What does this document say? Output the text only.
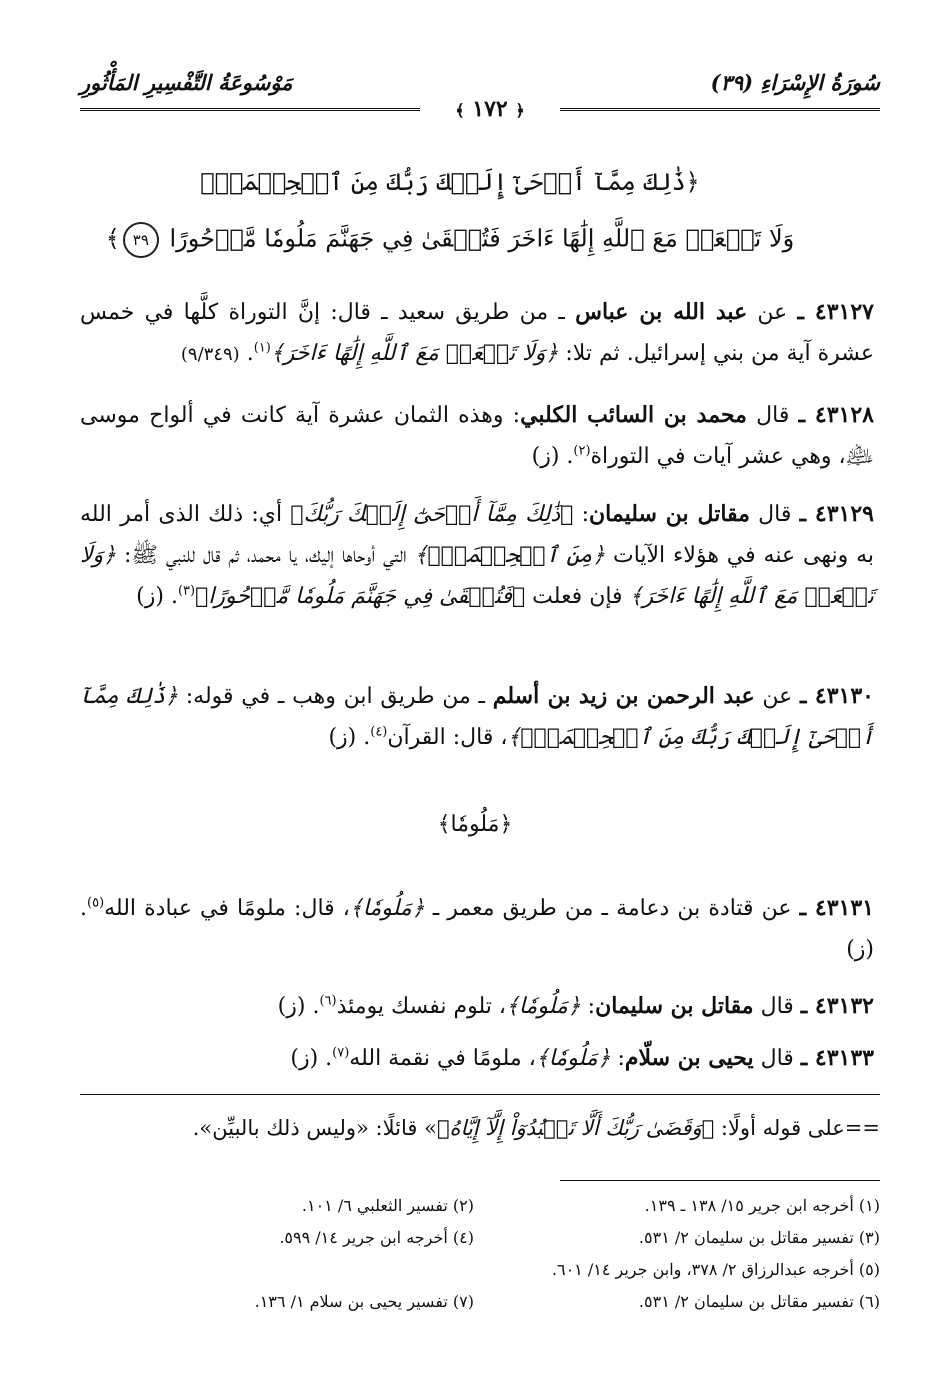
مَوْسُوعَةُ التَّفْسِيرِ المَأْثُورِ	سُورَةُ الإِسْرَاءِ (٣٩)
﴿ ١٧٢ ﴾
﴿ذَٰلِكَ مِمَّآ أَوۡحَىٰٓ إِلَيۡكَ رَبُّكَ مِنَ ٱلۡحِكۡمَةِۗ
وَلَا تَجۡعَلۡ مَعَ ٱللَّهِ إِلَٰهًا ءَاخَرَ فَتُلۡقَىٰ فِي جَهَنَّمَ مَلُومٗا مَّدۡحُورًا ٣٩﴾
٤٣١٢٧ ـ عن عبد الله بن عباس ـ من طريق سعيد ـ قال: إنَّ التوراة كلَّها في خمس عشرة آية من بني إسرائيل. ثم تلا: ﴿وَلَا تَجۡعَلۡ مَعَ ٱللَّهِ إِلَٰهًا ءَاخَرَ﴾$^{(١)}$. (٩/٣٤٩)
٤٣١٢٨ ـ قال محمد بن السائب الكلبي: وهذه الثمان عشرة آية كانت في ألواح موسى ﵇، وهي عشر آيات في التوراة$^{(٢)}$. (ز)
٤٣١٢٩ ـ قال مقاتل بن سليمان: ﴿ذَٰلِكَ مِمَّآ أَوۡحَىٰٓ إِلَيۡكَ رَبُّكَ﴾ أي: ذلك الذى أمر الله به ونهى عنه في هؤلاء الآيات ﴿مِنَ ٱلۡحِكۡمَةِۗ﴾ التي أوحاها إليك، يا محمد، ثم قال للنبي ﷺ: ﴿وَلَا تَجۡعَلۡ مَعَ ٱللَّهِ إِلَٰهًا ءَاخَرَ﴾ فإن فعلت ﴿فَتُلۡقَىٰ فِي جَهَنَّمَ مَلُومٗا مَّدۡحُورًا﴾$^{(٣)}$. (ز)
٤٣١٣٠ ـ عن عبد الرحمن بن زيد بن أسلم ـ من طريق ابن وهب ـ في قوله: ﴿ذَٰلِكَ مِمَّآ أَوۡحَىٰٓ إِلَيۡكَ رَبُّكَ مِنَ ٱلۡحِكۡمَةِۗ﴾، قال: القرآن$^{(٤)}$. (ز)
﴿مَلُومٗا﴾
٤٣١٣١ ـ عن قتادة بن دعامة ـ من طريق معمر ـ ﴿مَلُومٗا﴾، قال: ملومًا في عبادة الله$^{(٥)}$. (ز)
٤٣١٣٢ ـ قال مقاتل بن سليمان: ﴿مَلُومٗا﴾، تلوم نفسك يومئذ$^{(٦)}$. (ز)
٤٣١٣٣ ـ قال يحيى بن سلّام: ﴿مَلُومٗا﴾، ملومًا في نقمة الله$^{(٧)}$. (ز)
==على قوله أولًا: ﴿وَقَضَىٰ رَبُّكَ أَلَّا تَعۡبُدُوٓاْ إِلَّآ إِيَّاهُ﴾» قائلًا: «وليس ذلك بالبيِّن».
(١) أخرجه ابن جرير ١٥/ ١٣٨ ـ ١٣٩.
(٢) تفسير الثعلبي ٦/ ١٠١.
(٣) تفسير مقاتل بن سليمان ٢/ ٥٣١.
(٤) أخرجه ابن جرير ١٤/ ٥٩٩.
(٥) أخرجه عبدالرزاق ٢/ ٣٧٨، وابن جرير ١٤/ ٦٠١.
(٦) تفسير مقاتل بن سليمان ٢/ ٥٣١.
(٧) تفسير يحيى بن سلام ١/ ١٣٦.
